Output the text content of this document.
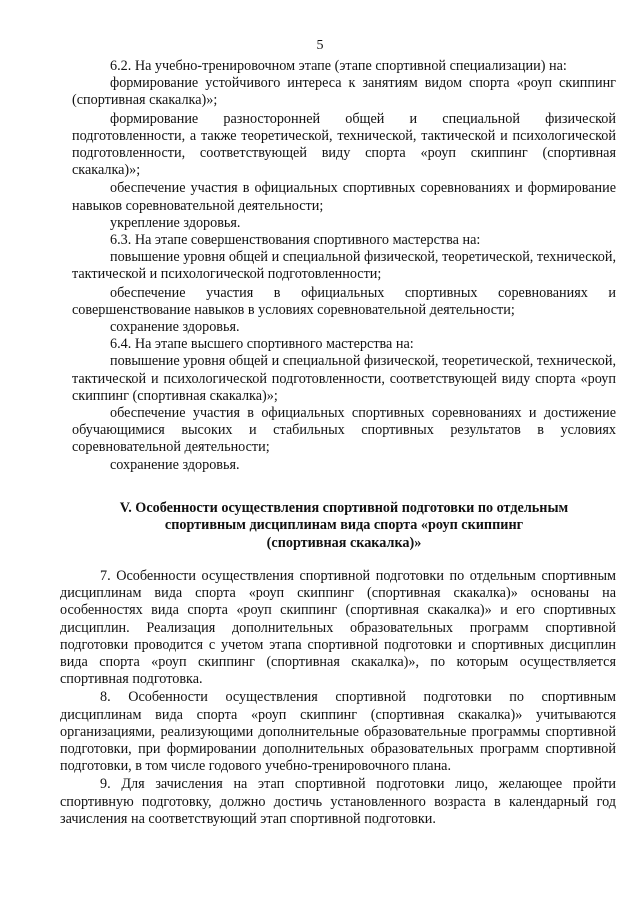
5

6.2. На учебно-тренировочном этапе (этапе спортивной специализации) на:

формирование устойчивого интереса к занятиям видом спорта «роуп скиппинг (спортивная скакалка)»;

формирование разносторонней общей и специальной физической подготовленности, а также теоретической, технической, тактической и психологической подготовленности, соответствующей виду спорта «роуп скиппинг (спортивная скакалка)»;

обеспечение участия в официальных спортивных соревнованиях и формирование навыков соревновательной деятельности;

укрепление здоровья.

6.3. На этапе совершенствования спортивного мастерства на:

повышение уровня общей и специальной физической, теоретической, технической, тактической и психологической подготовленности;

обеспечение участия в официальных спортивных соревнованиях и совершенствование навыков в условиях соревновательной деятельности;

сохранение здоровья.

6.4. На этапе высшего спортивного мастерства на:

повышение уровня общей и специальной физической, теоретической, технической, тактической и психологической подготовленности, соответствующей виду спорта «роуп скиппинг (спортивная скакалка)»;

обеспечение участия в официальных спортивных соревнованиях и достижение обучающимися высоких и стабильных спортивных результатов в условиях соревновательной деятельности;

сохранение здоровья.

V. Особенности осуществления спортивной подготовки по отдельным
спортивным дисциплинам вида спорта «роуп скиппинг
(спортивная скакалка)»

7. Особенности осуществления спортивной подготовки по отдельным спортивным дисциплинам вида спорта «роуп скиппинг (спортивная скакалка)» основаны на особенностях вида спорта «роуп скиппинг (спортивная скакалка)» и его спортивных дисциплин. Реализация дополнительных образовательных программ спортивной подготовки проводится с учетом этапа спортивной подготовки и спортивных дисциплин вида спорта «роуп скиппинг (спортивная скакалка)», по которым осуществляется спортивная подготовка.

8. Особенности осуществления спортивной подготовки по спортивным дисциплинам вида спорта «роуп скиппинг (спортивная скакалка)» учитываются организациями, реализующими дополнительные образовательные программы спортивной подготовки, при формировании дополнительных образовательных программ спортивной подготовки, в том числе годового учебно-тренировочного плана.

9. Для зачисления на этап спортивной подготовки лицо, желающее пройти спортивную подготовку, должно достичь установленного возраста в календарный год зачисления на соответствующий этап спортивной подготовки.
